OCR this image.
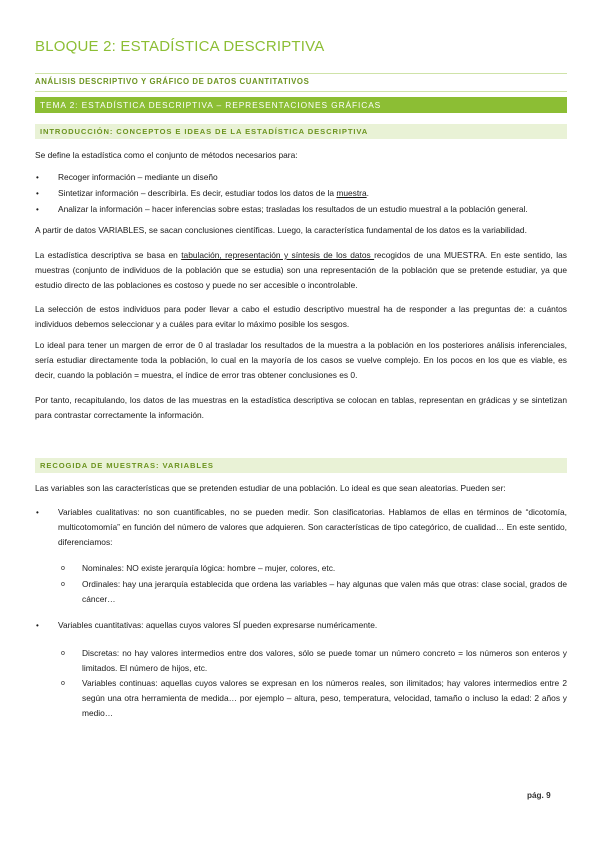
BLOQUE 2: ESTADÍSTICA DESCRIPTIVA
ANÁLISIS DESCRIPTIVO Y GRÁFICO DE DATOS CUANTITATIVOS
TEMA 2: ESTADÍSTICA DESCRIPTIVA – REPRESENTACIONES GRÁFICAS
INTRODUCCIÓN: CONCEPTOS E IDEAS DE LA ESTADÍSTICA DESCRIPTIVA
Se define la estadística como el conjunto de métodos necesarios para:
• Recoger información – mediante un diseño
• Sintetizar información – describirla. Es decir, estudiar todos los datos de la muestra.
• Analizar la información – hacer inferencias sobre estas; trasladas los resultados de un estudio muestral a la población general.
A partir de datos VARIABLES, se sacan conclusiones científicas. Luego, la característica fundamental de los datos es la variabilidad.
La estadística descriptiva se basa en tabulación, representación y síntesis de los datos recogidos de una MUESTRA. En este sentido, las muestras (conjunto de individuos de la población que se estudia) son una representación de la población que se pretende estudiar, ya que estudio directo de las poblaciones es costoso y puede no ser accesible o incontrolable.
La selección de estos individuos para poder llevar a cabo el estudio descriptivo muestral ha de responder a las preguntas de: a cuántos individuos debemos seleccionar y a cuáles para evitar lo máximo posible los sesgos.
Lo ideal para tener un margen de error de 0 al trasladar los resultados de la muestra a la población en los posteriores análisis inferenciales, sería estudiar directamente toda la población, lo cual en la mayoría de los casos se vuelve complejo. En los pocos en los que es viable, es decir, cuando la población = muestra, el índice de error tras obtener conclusiones es 0.
Por tanto, recapitulando, los datos de las muestras en la estadística descriptiva se colocan en tablas, representan en grádicas y se sintetizan para contrastar correctamente la información.
RECOGIDA DE MUESTRAS: VARIABLES
Las variables son las características que se pretenden estudiar de una población. Lo ideal es que sean aleatorias. Pueden ser:
• Variables cualitativas: no son cuantificables, no se pueden medir. Son clasificatorias. Hablamos de ellas en términos de “dicotomía, multicotomomía” en función del número de valores que adquieren. Son características de tipo categórico, de cualidad… En este sentido, diferenciamos:
o Nominales: NO existe jerarquía lógica: hombre – mujer, colores, etc.
o Ordinales: hay una jerarquía establecida que ordena las variables – hay algunas que valen más que otras: clase social, grados de cáncer…
• Variables cuantitativas: aquellas cuyos valores SÍ pueden expresarse numéricamente.
o Discretas: no hay valores intermedios entre dos valores, sólo se puede tomar un número concreto = los números son enteros y limitados. El número de hijos, etc.
o Variables continuas: aquellas cuyos valores se expresan en los números reales, son ilimitados; hay valores intermedios entre 2 según una otra herramienta de medida… por ejemplo – altura, peso, temperatura, velocidad, tamaño o incluso la edad: 2 años y medio…
pág. 9
